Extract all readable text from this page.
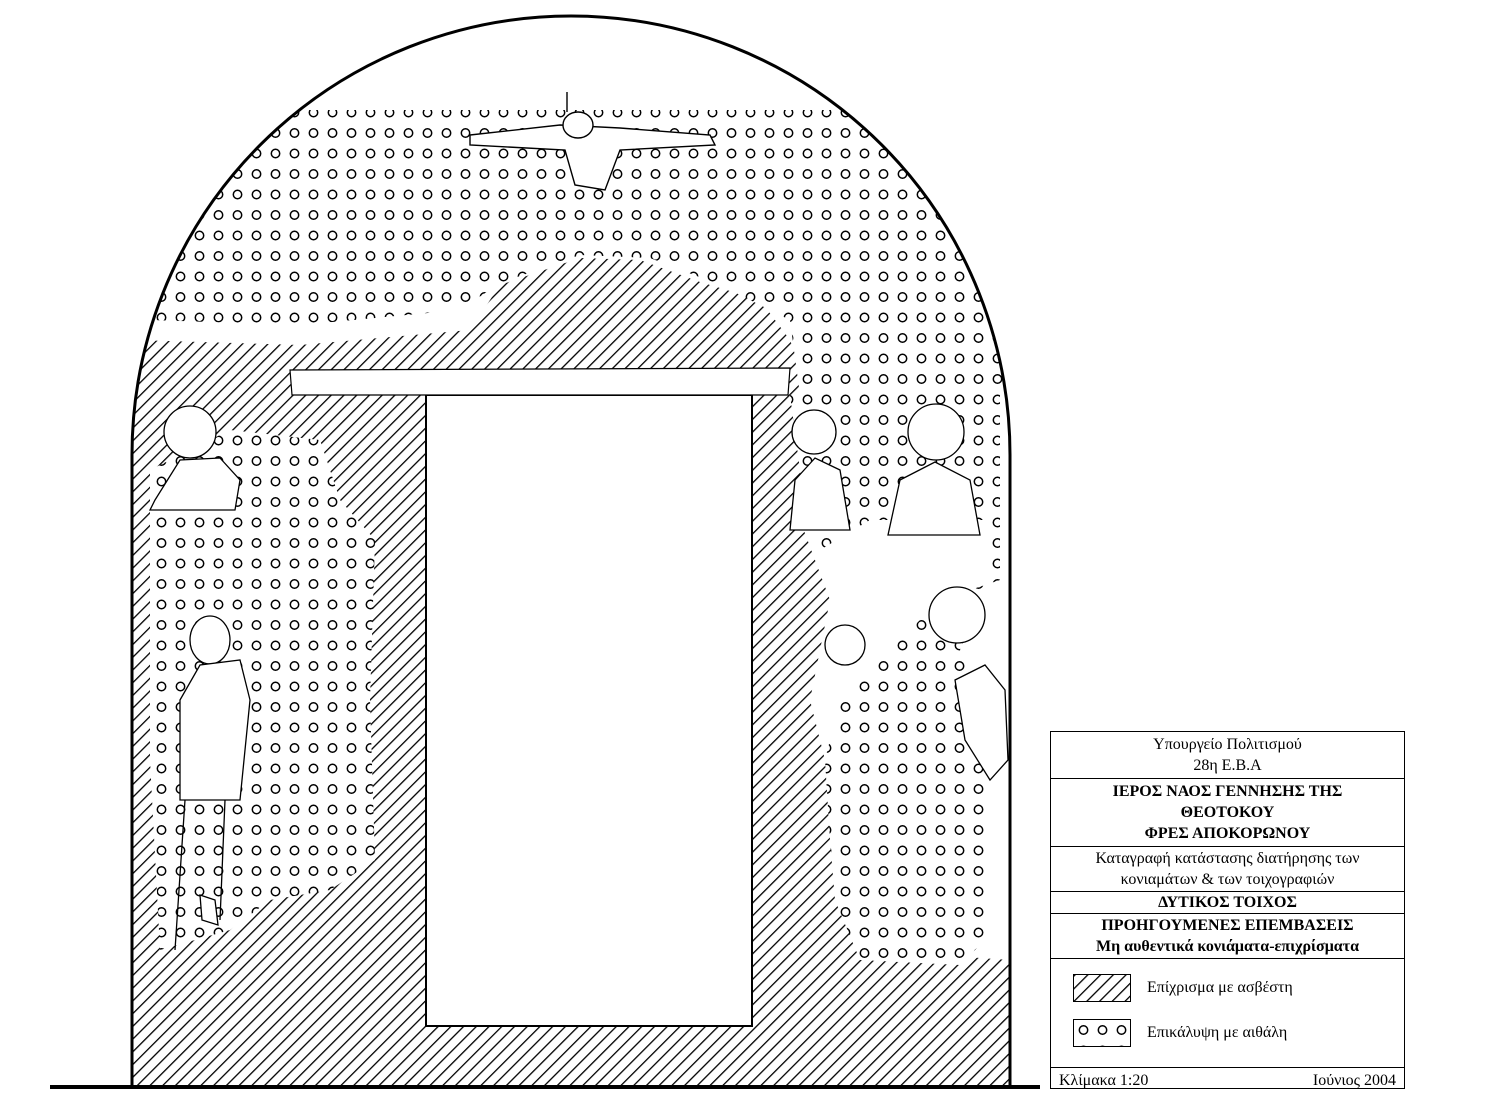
Υπουργείο Πολιτισμού
28η Ε.Β.Α
ΙΕΡΟΣ ΝΑΟΣ ΓΕΝΝΗΣΗΣ ΤΗΣ
ΘΕΟΤΟΚΟΥ
ΦΡΕΣ ΑΠΟΚΟΡΩΝΟΥ
Καταγραφή κατάστασης διατήρησης των
κονιαμάτων & των τοιχογραφιών
ΔΥΤΙΚΟΣ ΤΟΙΧΟΣ
ΠΡΟΗΓΟΥΜΕΝΕΣ ΕΠΕΜΒΑΣΕΙΣ
Μη αυθεντικά κονιάματα-επιχρίσματα
Επίχρισμα με ασβέστη
Επικάλυψη με αιθάλη
Κλίμακα 1:20	Ιούνιος 2004
